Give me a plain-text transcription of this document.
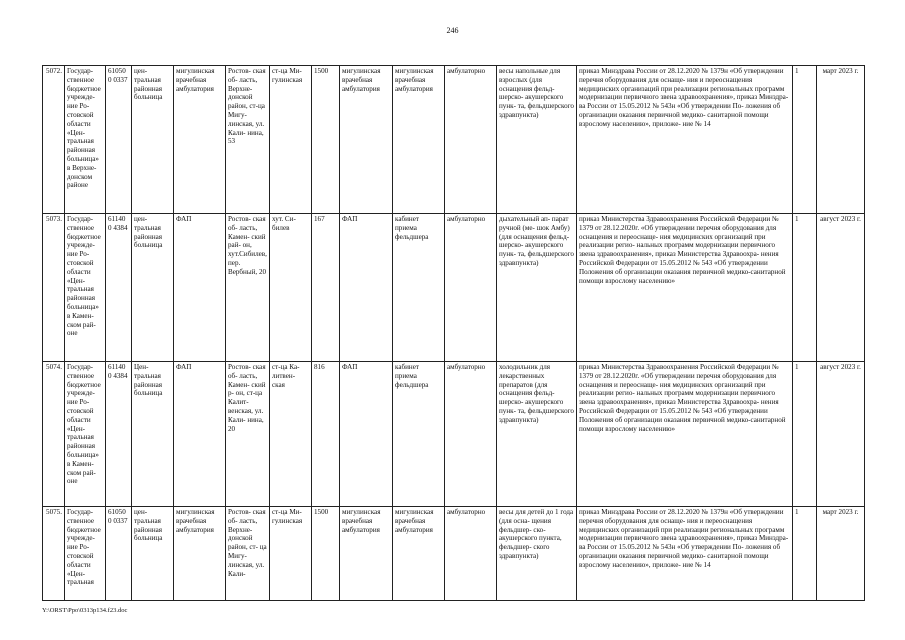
246
5072.	Государ- ственное бюджетное учрежде- ние Ро- стовской области «Цен- тральная районная больница» в Верхне- донском районе	610500 0337	цен- тральная районная больница	мигулинская врачебная амбулатория	Ростов- ская об- ласть, Верхне- донской район, ст-ца Мигу- линская, ул. Кали- нина, 53	ст-ца Ми- гулинская	1500	мигулинская врачебная амбулатория	мигулинская врачебная амбулатория	амбулаторно	весы напольные для взрослых (для оснащения фельд- шерско- акушерского пунк- та, фельдшерского здравпункта)	приказ Минздрава России от 28.12.2020 № 1379н «Об утверждении перечня оборудования для оснаще- ния и переоснащения медицинских организаций при реализации региональных программ модернизации первичного звена здравоохранения», приказ Минздра- ва России от 15.05.2012 № 543н «Об утверждении По- ложения об организации оказания первичной медико- санитарной помощи взрослому населению», приложе- ние № 14	1	март 2023 г.
5073.	Государ- ственное бюджетное учрежде- ние Ро- стовской области «Цен- тральная районная больница» в Камен- ском рай- оне	611400 4384	цен- тральная районная больница	ФАП	Ростов- ская об- ласть, Камен- ский рай- он, хут.Сибилев, пер. Вербный, 20	хут. Си- билев	167	ФАП	кабинет приема фельдшера	амбулаторно	дыхательный ап- парат ручной (ме- шок Амбу) (для оснащения фельд- шерско- акушерского пунк- та, фельдшерского здравпункта)	приказ Министерства Здравоохранения Российской Федерации № 1379 от 28.12.2020г. «Об утверждении перечня оборудования для оснащения и переоснаще- ния медицинских организаций при реализации регио- нальных программ модернизации первичного звена здравоохранения», приказ Министерства Здравоохра- нения Российской Федерации от 15.05.2012 № 543 «Об утверждении Положения об организации оказания первичной медико-санитарной помощи взрослому населению»	1	август 2023 г.
5074.	Государ- ственное бюджетное учрежде- ние Ро- стовской области «Цен- тральная районная больница» в Камен- ском рай- оне	611400 4384	Цен- тральная районная больница	ФАП	Ростов- ская об- ласть, Камен- ский р- он, ст-ца Калит- венская, ул. Кали- нина, 20	ст-ца Ка- литвен- ская	816	ФАП	кабинет приема фельдшера	амбулаторно	холодильник для лекарственных препаратов (для оснащения фельд- шерско- акушерского пунк- та, фельдшерского здравпункта)	приказ Министерства Здравоохранения Российской Федерации № 1379 от 28.12.2020г. «Об утверждении перечня оборудования для оснащения и переоснаще- ния медицинских организаций при реализации регио- нальных программ модернизации первичного звена здравоохранения», приказ Министерства Здравоохра- нения Российской Федерации от 15.05.2012 № 543 «Об утверждении Положения об организации оказания первичной медико-санитарной помощи взрослому населению»	1	август 2023 г.
5075.	Государ- ственное бюджетное учрежде- ние Ро- стовской области «Цен- тральная	610500 0337	цен- тральная районная больница	мигулинская врачебная амбулатория	Ростов- ская об- ласть, Верхне- донской район, ст- ца Мигу- линская, ул. Кали-	ст-ца Ми- гулинская	1500	мигулинская врачебная амбулатория	мигулинская врачебная амбулатория	амбулаторно	весы для детей до 1 года (для осна- щения фельдшер- ско-акушерского пункта, фельдшер- ского здравпункта)	приказ Минздрава России от 28.12.2020 № 1379н «Об утверждении перечня оборудования для оснаще- ния и переоснащения медицинских организаций при реализации региональных программ модернизации первичного звена здравоохранения», приказ Минздра- ва России от 15.05.2012 № 543н «Об утверждении По- ложения об организации оказания первичной медико- санитарной помощи взрослому населению», приложе- ние № 14	1	март 2023 г.
Y:\ORST\Ppo\0313p134.f23.doc
